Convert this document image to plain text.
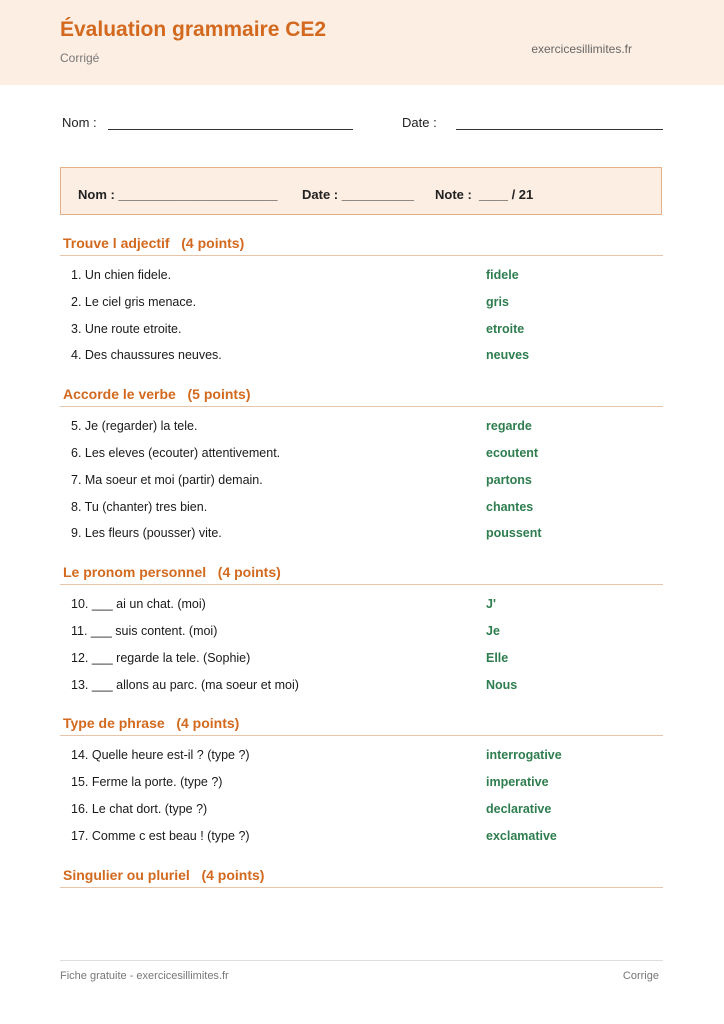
Évaluation grammaire CE2
Corrigé
exercicesillimites.fr
Nom :	Date :
Nom : ______________________ Date : __________ Note :  ____ / 21
Trouve l adjectif   (4 points)
1. Un chien fidele.	fidele
2. Le ciel gris menace.	gris
3. Une route etroite.	etroite
4. Des chaussures neuves.	neuves
Accorde le verbe   (5 points)
5. Je (regarder) la tele.	regarde
6. Les eleves (ecouter) attentivement.	ecoutent
7. Ma soeur et moi (partir) demain.	partons
8. Tu (chanter) tres bien.	chantes
9. Les fleurs (pousser) vite.	poussent
Le pronom personnel   (4 points)
10. ___ ai un chat. (moi)	J'
11. ___ suis content. (moi)	Je
12. ___ regarde la tele. (Sophie)	Elle
13. ___ allons au parc. (ma soeur et moi)	Nous
Type de phrase   (4 points)
14. Quelle heure est-il ? (type ?)	interrogative
15. Ferme la porte. (type ?)	imperative
16. Le chat dort. (type ?)	declarative
17. Comme c est beau ! (type ?)	exclamative
Singulier ou pluriel   (4 points)
Fiche gratuite - exercicesillimites.fr	Corrige
